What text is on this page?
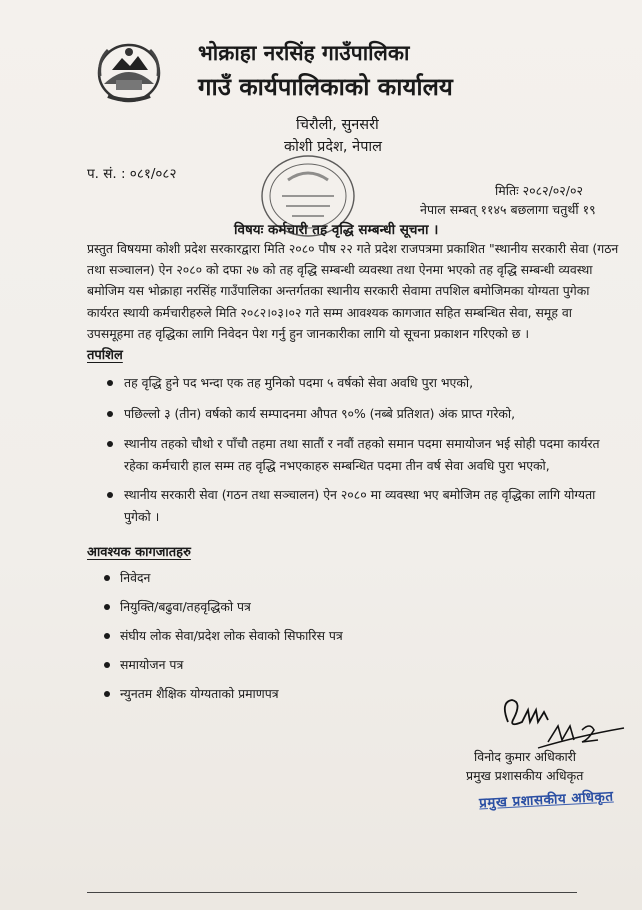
भोक्राहा नरसिंह गाउँपालिका
गाउँ कार्यपालिकाको कार्यालय
चिरौली, सुनसरी
कोशी प्रदेश, नेपाल
प. सं. : ०८१/०८२
मितिः २०८२/०२/०२
नेपाल सम्बत् ११४५ बछलागा चतुर्थी १९
विषयः कर्मचारी तह वृद्धि सम्बन्धी सूचना ।
प्रस्तुत विषयमा कोशी प्रदेश सरकारद्वारा मिति २०८० पौष २२ गते प्रदेश राजपत्रमा प्रकाशित "स्थानीय सरकारी सेवा (गठन तथा सञ्चालन) ऐन २०८० को दफा २७ को तह वृद्धि सम्बन्धी व्यवस्था तथा ऐनमा भएको तह वृद्धि सम्बन्धी व्यवस्था बमोजिम यस भोक्राहा नरसिंह गाउँपालिका अन्तर्गतका स्थानीय सरकारी सेवामा तपशिल बमोजिमका योग्यता पुगेका कार्यरत स्थायी कर्मचारीहरुले मिति २०८२।०३।०२ गते सम्म आवश्यक कागजात सहित सम्बन्धित सेवा, समूह वा उपसमूहमा तह वृद्धिका लागि निवेदन पेश गर्नु हुन जानकारीका लागि यो सूचना प्रकाशन गरिएको छ ।
तपशिल
तह वृद्धि हुने पद भन्दा एक तह मुनिको पदमा ५ वर्षको सेवा अवधि पुरा भएको,
पछिल्लो ३ (तीन) वर्षको कार्य सम्पादनमा औपत ९०% (नब्बे प्रतिशत) अंक प्राप्त गरेको,
स्थानीय तहको चौथो र पाँचौ तहमा तथा सातौं र नवौं तहको समान पदमा समायोजन भई सोही पदमा कार्यरत रहेका कर्मचारी हाल सम्म तह वृद्धि नभएकाहरु सम्बन्धित पदमा तीन वर्ष सेवा अवधि पुरा भएको,
स्थानीय सरकारी सेवा (गठन तथा सञ्चालन) ऐन २०८० मा व्यवस्था भए बमोजिम तह वृद्धिका लागि योग्यता पुगेको ।
आवश्यक कागजातहरु
निवेदन
नियुक्ति/बढुवा/तहवृद्धिको पत्र
संघीय लोक सेवा/प्रदेश लोक सेवाको सिफारिस पत्र
समायोजन पत्र
न्युनतम शैक्षिक योग्यताको प्रमाणपत्र
विनोद कुमार अधिकारी
प्रमुख प्रशासकीय अधिकृत
प्रमुख प्रशासकीय अधिकृत
